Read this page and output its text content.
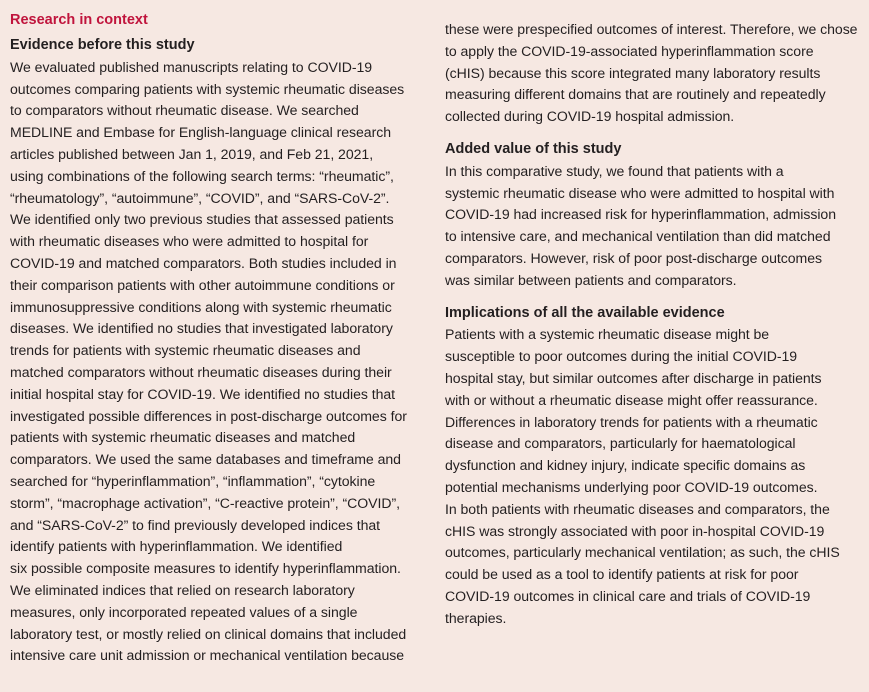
Research in context
Evidence before this study

We evaluated published manuscripts relating to COVID-19
outcomes comparing patients with systemic rheumatic diseases
to comparators without rheumatic disease. We searched
MEDLINE and Embase for English-language clinical research
articles published between Jan 1, 2019, and Feb 21, 2021,
using combinations of the following search terms: “rheumatic”,
“rheumatology”, “autoimmune”, “COVID”, and “SARS-CoV-2”.
We identified only two previous studies that assessed patients
with rheumatic diseases who were admitted to hospital for
COVID-19 and matched comparators. Both studies included in
their comparison patients with other autoimmune conditions or
immunosuppressive conditions along with systemic rheumatic
diseases. We identified no studies that investigated laboratory
trends for patients with systemic rheumatic diseases and
matched comparators without rheumatic diseases during their
initial hospital stay for COVID-19. We identified no studies that
investigated possible differences in post-discharge outcomes for
patients with systemic rheumatic diseases and matched
comparators. We used the same databases and timeframe and
searched for “hyperinflammation”, “inflammation”, “cytokine
storm”, “macrophage activation”, “C-reactive protein”, “COVID”,
and “SARS-CoV-2” to find previously developed indices that
identify patients with hyperinflammation. We identified
six possible composite measures to identify hyperinflammation.
We eliminated indices that relied on research laboratory
measures, only incorporated repeated values of a single
laboratory test, or mostly relied on clinical domains that included
intensive care unit admission or mechanical ventilation because

these were prespecified outcomes of interest. Therefore, we chose
to apply the COVID-19-associated hyperinflammation score
(cHIS) because this score integrated many laboratory results
measuring different domains that are routinely and repeatedly
collected during COVID-19 hospital admission.

Added value of this study

In this comparative study, we found that patients with a
systemic rheumatic disease who were admitted to hospital with
COVID-19 had increased risk for hyperinflammation, admission
to intensive care, and mechanical ventilation than did matched
comparators. However, risk of poor post-discharge outcomes
was similar between patients and comparators.

Implications of all the available evidence

Patients with a systemic rheumatic disease might be
susceptible to poor outcomes during the initial COVID-19
hospital stay, but similar outcomes after discharge in patients
with or without a rheumatic disease might offer reassurance.
Differences in laboratory trends for patients with a rheumatic
disease and comparators, particularly for haematological
dysfunction and kidney injury, indicate specific domains as
potential mechanisms underlying poor COVID-19 outcomes.
In both patients with rheumatic diseases and comparators, the
cHIS was strongly associated with poor in-hospital COVID-19
outcomes, particularly mechanical ventilation; as such, the cHIS
could be used as a tool to identify patients at risk for poor
COVID-19 outcomes in clinical care and trials of COVID-19
therapies.
